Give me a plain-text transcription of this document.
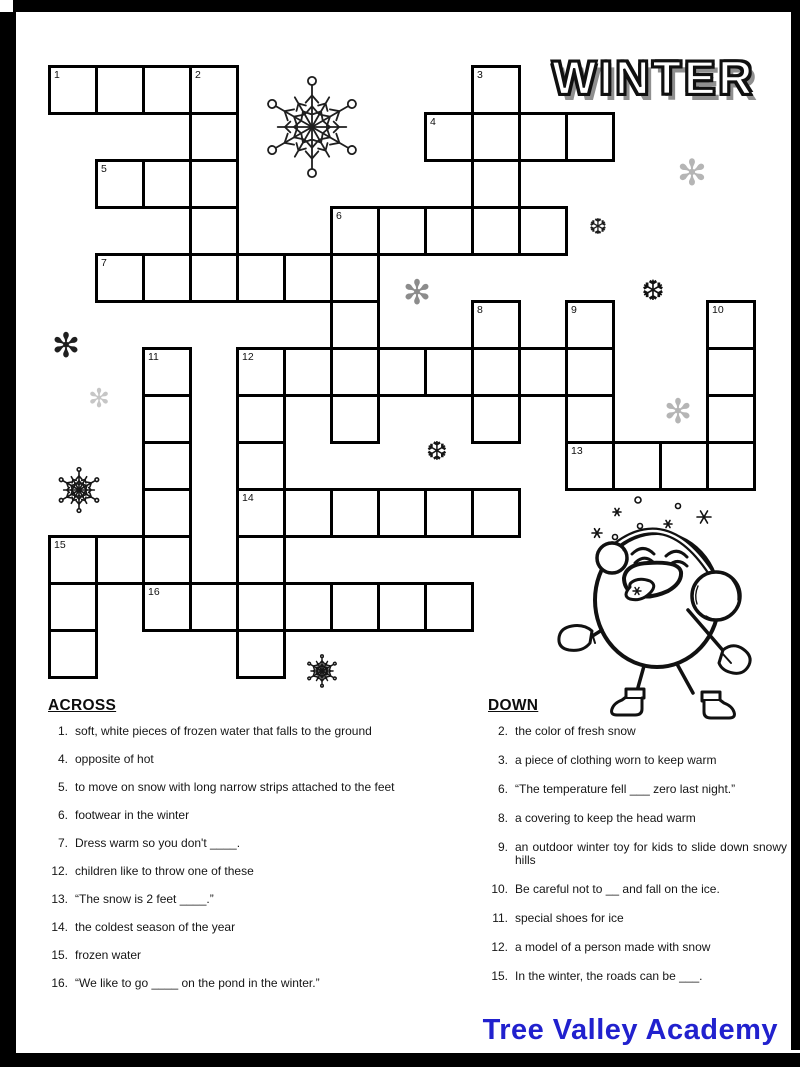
WINTER
1	2	3
4
5
6
7
8	9	10
11	12
13
14
15
16
✻
❆
❆
✻
✻
✻	✻
❆
ACROSS
1. soft, white pieces of frozen water that falls to the ground
4. opposite of hot
5. to move on snow with long narrow strips attached to the feet
6. footwear in the winter
7. Dress warm so you don't ____.
12. children like to throw one of these
13. “The snow is 2 feet ____.”
14. the coldest season of the year
15. frozen water
16. “We like to go ____ on the pond in the winter.”
DOWN
2. the color of fresh snow
3. a piece of clothing worn to keep warm
6. “The temperature fell ___ zero last night.”
8. a covering to keep the head warm
9. an outdoor winter toy for kids to slide down snowy hills
10. Be careful not to __ and fall on the ice.
11. special shoes for ice
12. a model of a person made with snow
15. In the winter, the roads can be ___.
Tree Valley Academy
